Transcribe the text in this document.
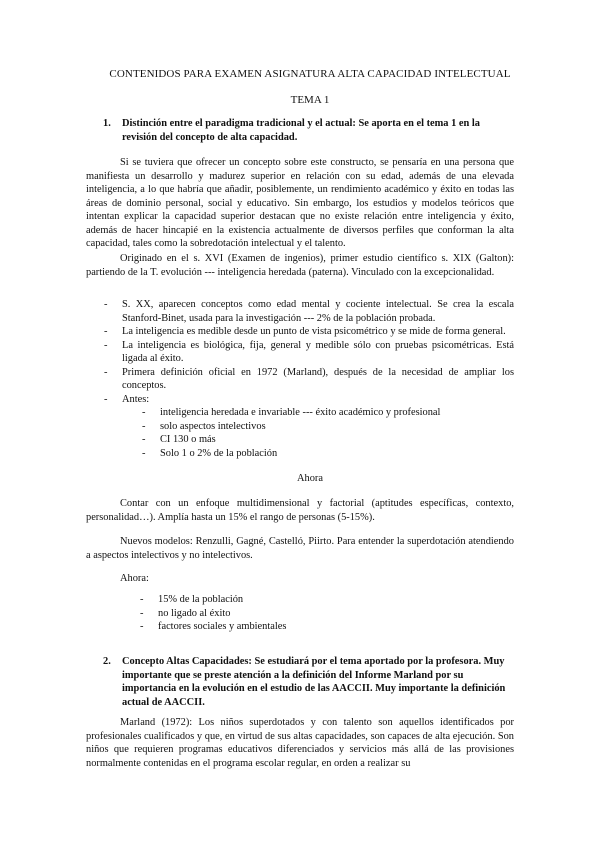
CONTENIDOS PARA EXAMEN ASIGNATURA ALTA CAPACIDAD INTELECTUAL
TEMA 1
1. Distinción entre el paradigma tradicional y el actual: Se aporta en el tema 1 en la revisión del concepto de alta capacidad.
Si se tuviera que ofrecer un concepto sobre este constructo, se pensaría en una persona que manifiesta un desarrollo y madurez superior en relación con su edad, además de una elevada inteligencia, a lo que habría que añadir, posiblemente, un rendimiento académico y éxito en todas las áreas de dominio personal, social y educativo. Sin embargo, los estudios y modelos teóricos que intentan explicar la capacidad superior destacan que no existe relación entre inteligencia y éxito, además de hacer hincapié en la existencia actualmente de diversos perfiles que conforman la alta capacidad, tales como la sobredotación intelectual y el talento.
Originado en el s. XVI (Examen de ingenios), primer estudio científico s. XIX (Galton): partiendo de la T. evolución --- inteligencia heredada (paterna). Vinculado con la excepcionalidad.
- S. XX, aparecen conceptos como edad mental y cociente intelectual. Se crea la escala Stanford-Binet, usada para la investigación --- 2% de la población probada.
- La inteligencia es medible desde un punto de vista psicométrico y se mide de forma general.
- La inteligencia es biológica, fija, general y medible sólo con pruebas psicométricas. Está ligada al éxito.
- Primera definición oficial en 1972 (Marland), después de la necesidad de ampliar los conceptos.
- Antes:
- inteligencia heredada e invariable --- éxito académico y profesional
- solo aspectos intelectivos
- CI 130 o más
- Solo 1 o 2% de la población
Ahora
Contar con un enfoque multidimensional y factorial (aptitudes específicas, contexto, personalidad…). Amplía hasta un 15% el rango de personas (5-15%).
Nuevos modelos: Renzulli, Gagné, Castelló, Piirto. Para entender la superdotación atendiendo a aspectos intelectivos y no intelectivos.
Ahora:
- 15% de la población
- no ligado al éxito
- factores sociales y ambientales
2. Concepto Altas Capacidades: Se estudiará por el tema aportado por la profesora. Muy importante que se preste atención a la definición del Informe Marland por su importancia en la evolución en el estudio de las AACCII. Muy importante la definición actual de AACCII.
Marland (1972): Los niños superdotados y con talento son aquellos identificados por profesionales cualificados y que, en virtud de sus altas capacidades, son capaces de alta ejecución. Son niños que requieren programas educativos diferenciados y servicios más allá de las provisiones normalmente contenidas en el programa escolar regular, en orden a realizar su
